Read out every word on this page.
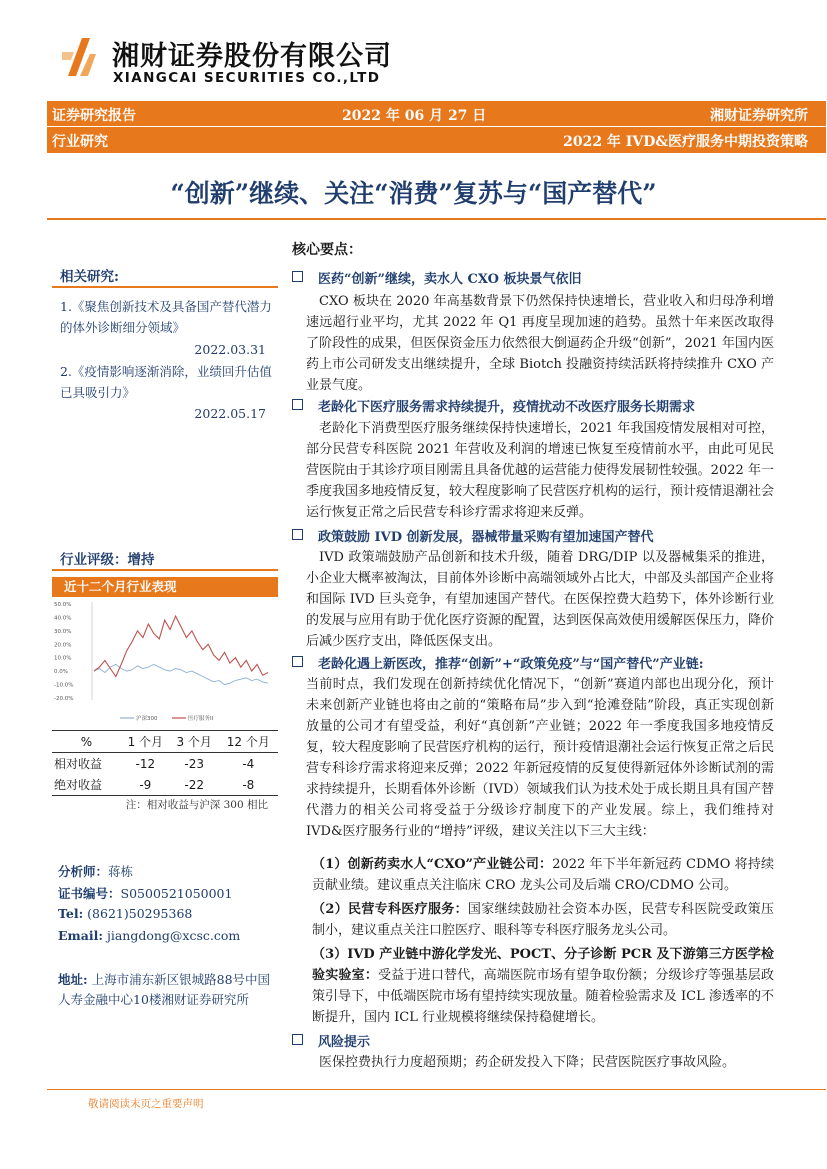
湘财证券股份有限公司
XIANGCAI SECURITIES CO.,LTD
证券研究报告	2022 年 06 月 27 日	湘财证券研究所
行业研究	2022 年 IVD&医疗服务中期投资策略
“创新”继续、关注“消费”复苏与“国产替代”
相关研究:
1.《聚焦创新技术及具备国产替代潜力的体外诊断细分领域》
2022.03.31
2.《疫情影响逐渐消除，业绩回升估值已具吸引力》
2022.05.17
行业评级：增持
近十二个月行业表现
50.0%
40.0%
30.0%
20.0%
10.0%
0.0%
-10.0%
-20.0%
沪深300	医疗服务II
%	1 个月	3 个月	12 个月
相对收益	-12	-23	-4
绝对收益	-9	-22	-8
注：相对收益与沪深 300 相比
分析师：蒋栋
证书编号：S0500521050001
Tel: (8621)50295368
Email: jiangdong@xcsc.com
地址: 上海市浦东新区银城路88号中国人寿金融中心10楼湘财证券研究所
核心要点：
医药“创新”继续，卖水人 CXO 板块景气依旧
CXO 板块在 2020 年高基数背景下仍然保持快速增长，营业收入和归母净利增速远超行业平均，尤其 2022 年 Q1 再度呈现加速的趋势。虽然十年来医改取得了阶段性的成果，但医保资金压力依然很大倒逼药企升级“创新”，2021 年国内医药上市公司研发支出继续提升，全球 Biotch 投融资持续活跃将持续推升 CXO 产业景气度。
老龄化下医疗服务需求持续提升，疫情扰动不改医疗服务长期需求
老龄化下消费型医疗服务继续保持快速增长，2021 年我国疫情发展相对可控，部分民营专科医院 2021 年营收及利润的增速已恢复至疫情前水平，由此可见民营医院由于其诊疗项目刚需且具备优越的运营能力使得发展韧性较强。2022 年一季度我国多地疫情反复，较大程度影响了民营医疗机构的运行，预计疫情退潮社会运行恢复正常之后民营专科诊疗需求将迎来反弹。
政策鼓励 IVD 创新发展，器械带量采购有望加速国产替代
IVD 政策端鼓励产品创新和技术升级，随着 DRG/DIP 以及器械集采的推进，小企业大概率被淘汰，目前体外诊断中高端领域外占比大，中部及头部国产企业将和国际 IVD 巨头竞争，有望加速国产替代。在医保控费大趋势下，体外诊断行业的发展与应用有助于优化医疗资源的配置，达到医保高效使用缓解医保压力，降价后减少医疗支出，降低医保支出。
老龄化遇上新医改，推荐“创新”+“政策免疫”与“国产替代”产业链:
当前时点，我们发现在创新持续优化情况下，“创新”赛道内部也出现分化，预计未来创新产业链也将由之前的“策略布局”步入到“抢滩登陆”阶段，真正实现创新放量的公司才有望受益，利好“真创新”产业链；2022 年一季度我国多地疫情反复，较大程度影响了民营医疗机构的运行，预计疫情退潮社会运行恢复正常之后民营专科诊疗需求将迎来反弹；2022 年新冠疫情的反复使得新冠体外诊断试剂的需求持续提升，长期看体外诊断（IVD）领域我们认为技术处于成长期且具有国产替代潜力的相关公司将受益于分级诊疗制度下的产业发展。综上，我们维持对 IVD&医疗服务行业的“增持”评级，建议关注以下三大主线：
（1）创新药卖水人“CXO”产业链公司：2022 年下半年新冠药 CDMO 将持续贡献业绩。建议重点关注临床 CRO 龙头公司及后端 CRO/CDMO 公司。
（2）民营专科医疗服务：国家继续鼓励社会资本办医，民营专科医院受政策压制小，建议重点关注口腔医疗、眼科等专科医疗服务龙头公司。
（3）IVD 产业链中游化学发光、POCT、分子诊断 PCR 及下游第三方医学检验实验室：受益于进口替代，高端医院市场有望争取份额；分级诊疗等强基层政策引导下，中低端医院市场有望持续实现放量。随着检验需求及 ICL 渗透率的不断提升，国内 ICL 行业规模将继续保持稳健增长。
风险提示
医保控费执行力度超预期；药企研发投入下降；民营医院医疗事故风险。
敬请阅读末页之重要声明
